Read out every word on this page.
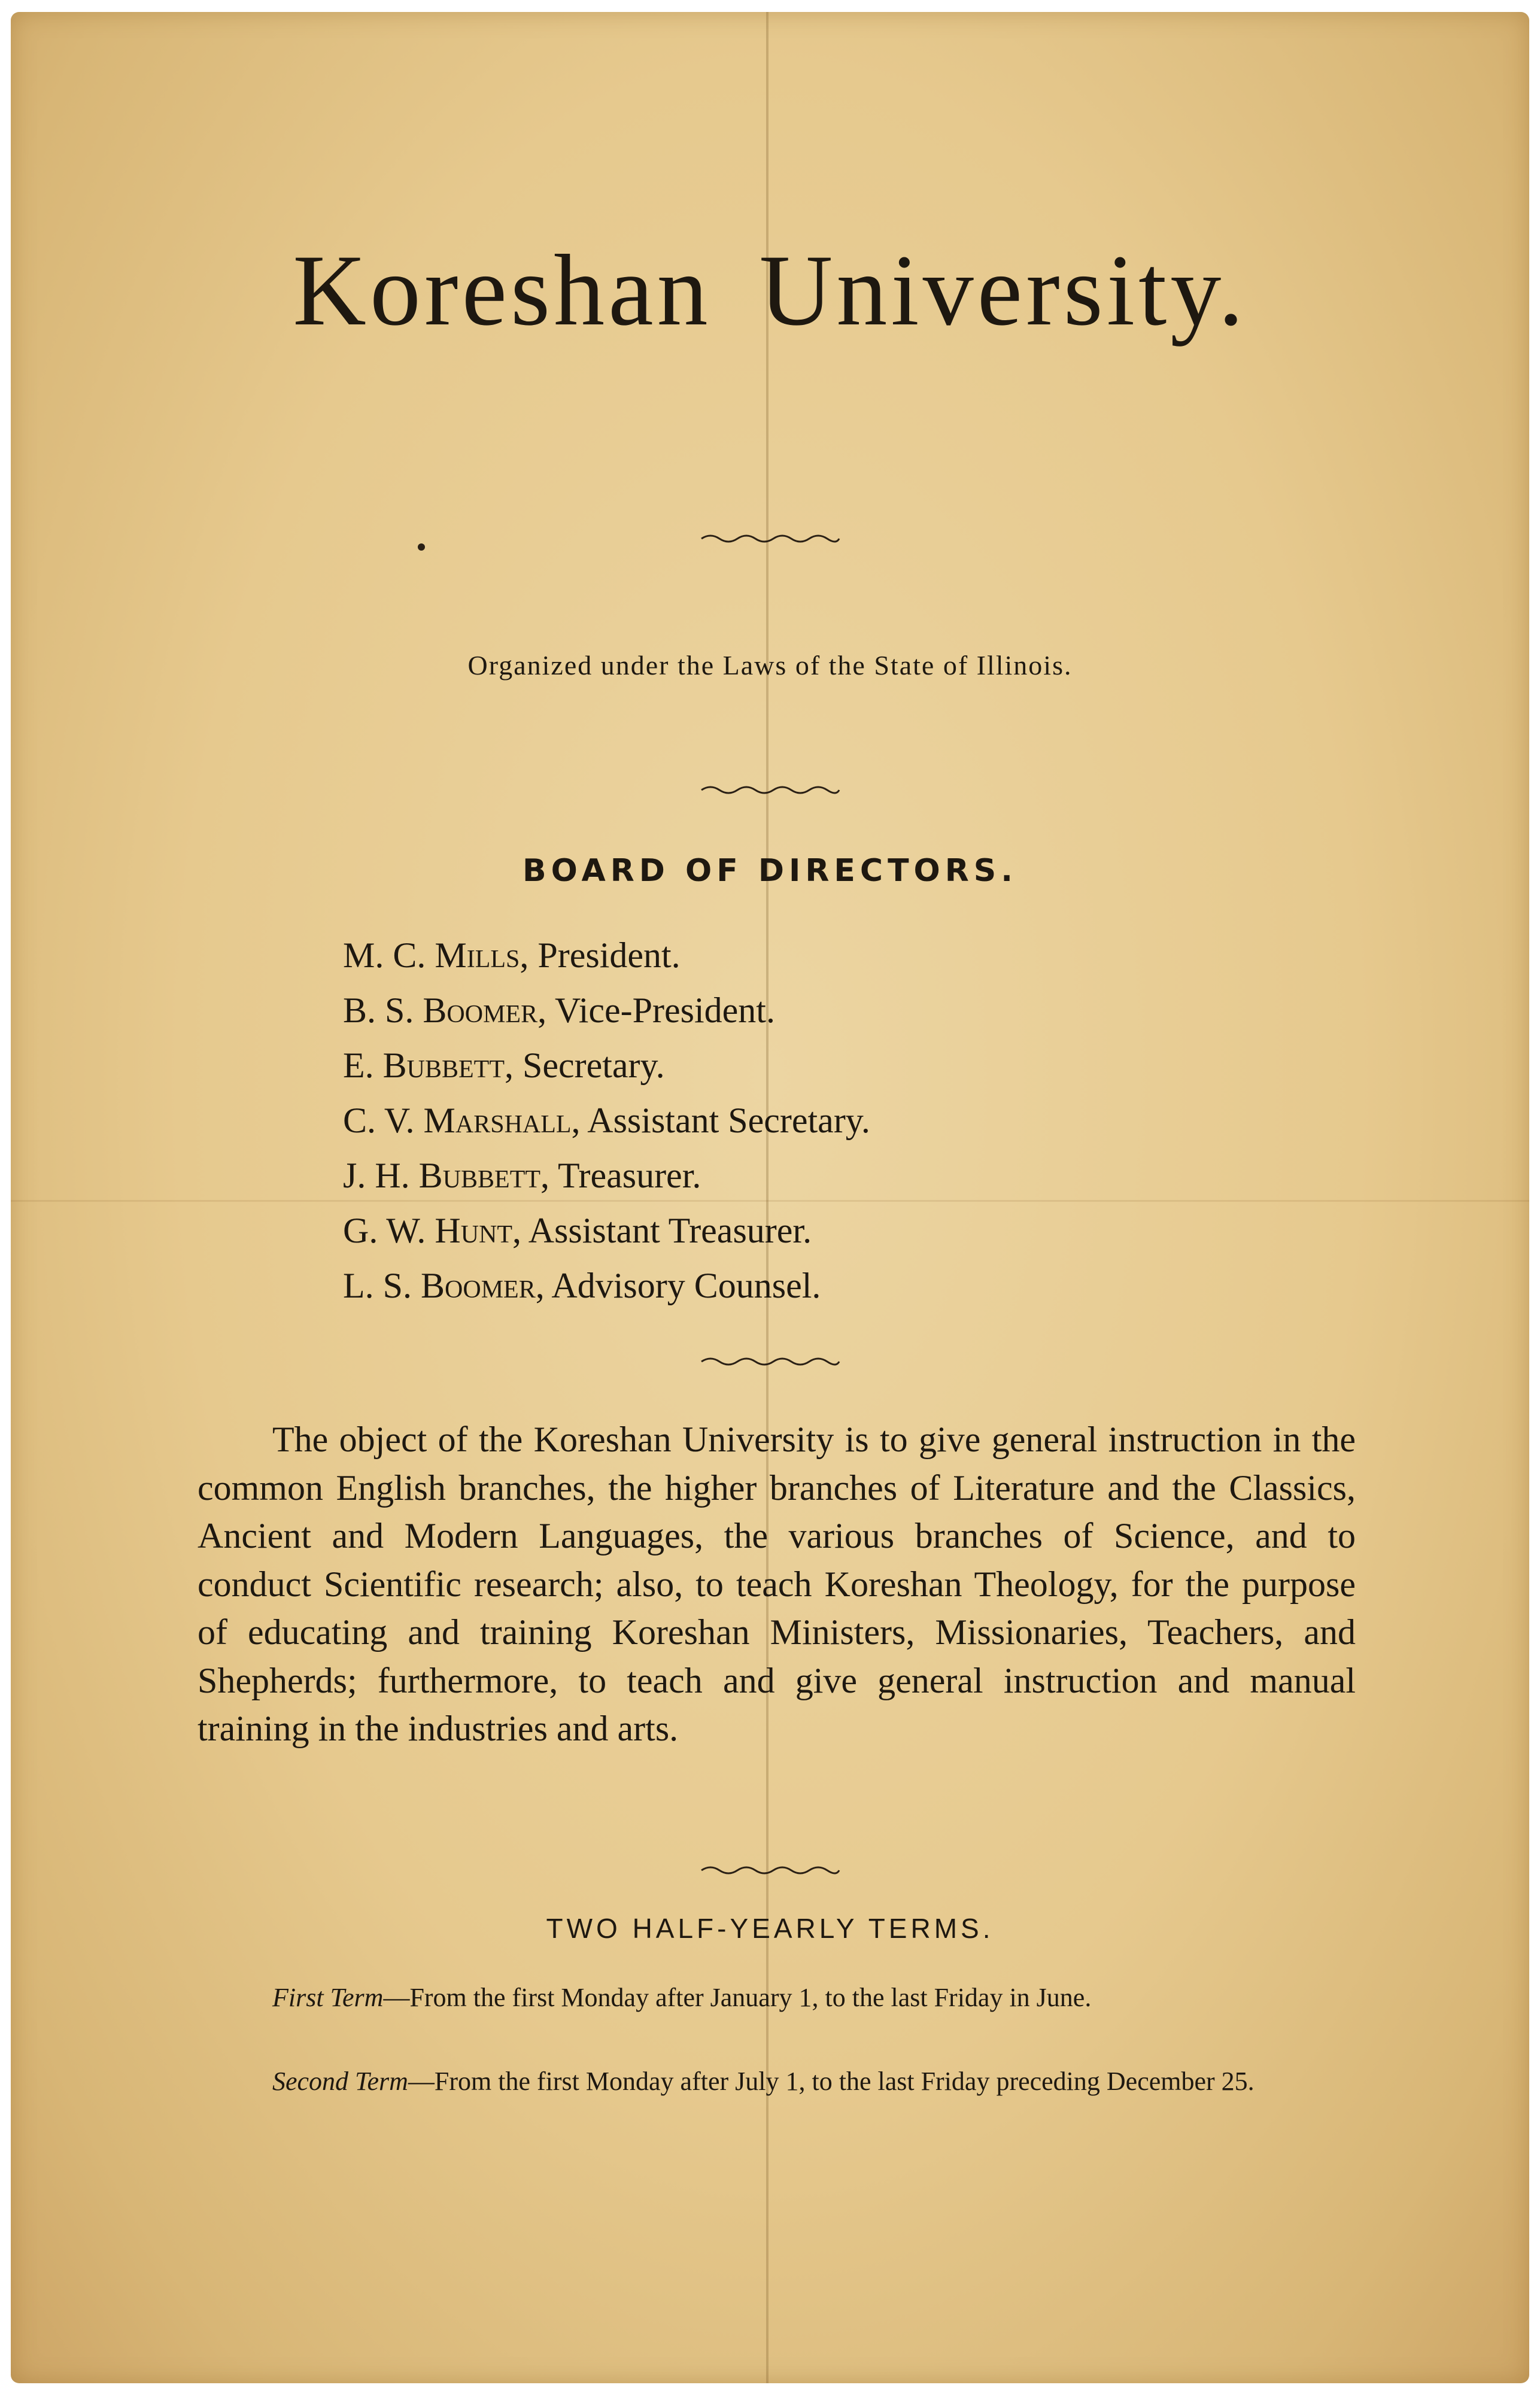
Koreshan University.
Organized under the Laws of the State of Illinois.
BOARD OF DIRECTORS.
M. C. Mills, President.
B. S. Boomer, Vice-President.
E. Bubbett, Secretary.
C. V. Marshall, Assistant Secretary.
J. H. Bubbett, Treasurer.
G. W. Hunt, Assistant Treasurer.
L. S. Boomer, Advisory Counsel.

The object of the Koreshan University is to give general instruction in the common English branches, the higher branches of Literature and the Classics, Ancient and Modern Languages, the various branches of Science, and to conduct Scientific research; also, to teach Koreshan Theology, for the purpose of educating and training Koreshan Ministers, Missionaries, Teachers, and Shepherds; furthermore, to teach and give general instruction and manual training in the industries and arts.

TWO HALF-YEARLY TERMS.

First Term—From the first Monday after January 1, to the last Friday in June.

Second Term—From the first Monday after July 1, to the last Friday preceding December 25.
